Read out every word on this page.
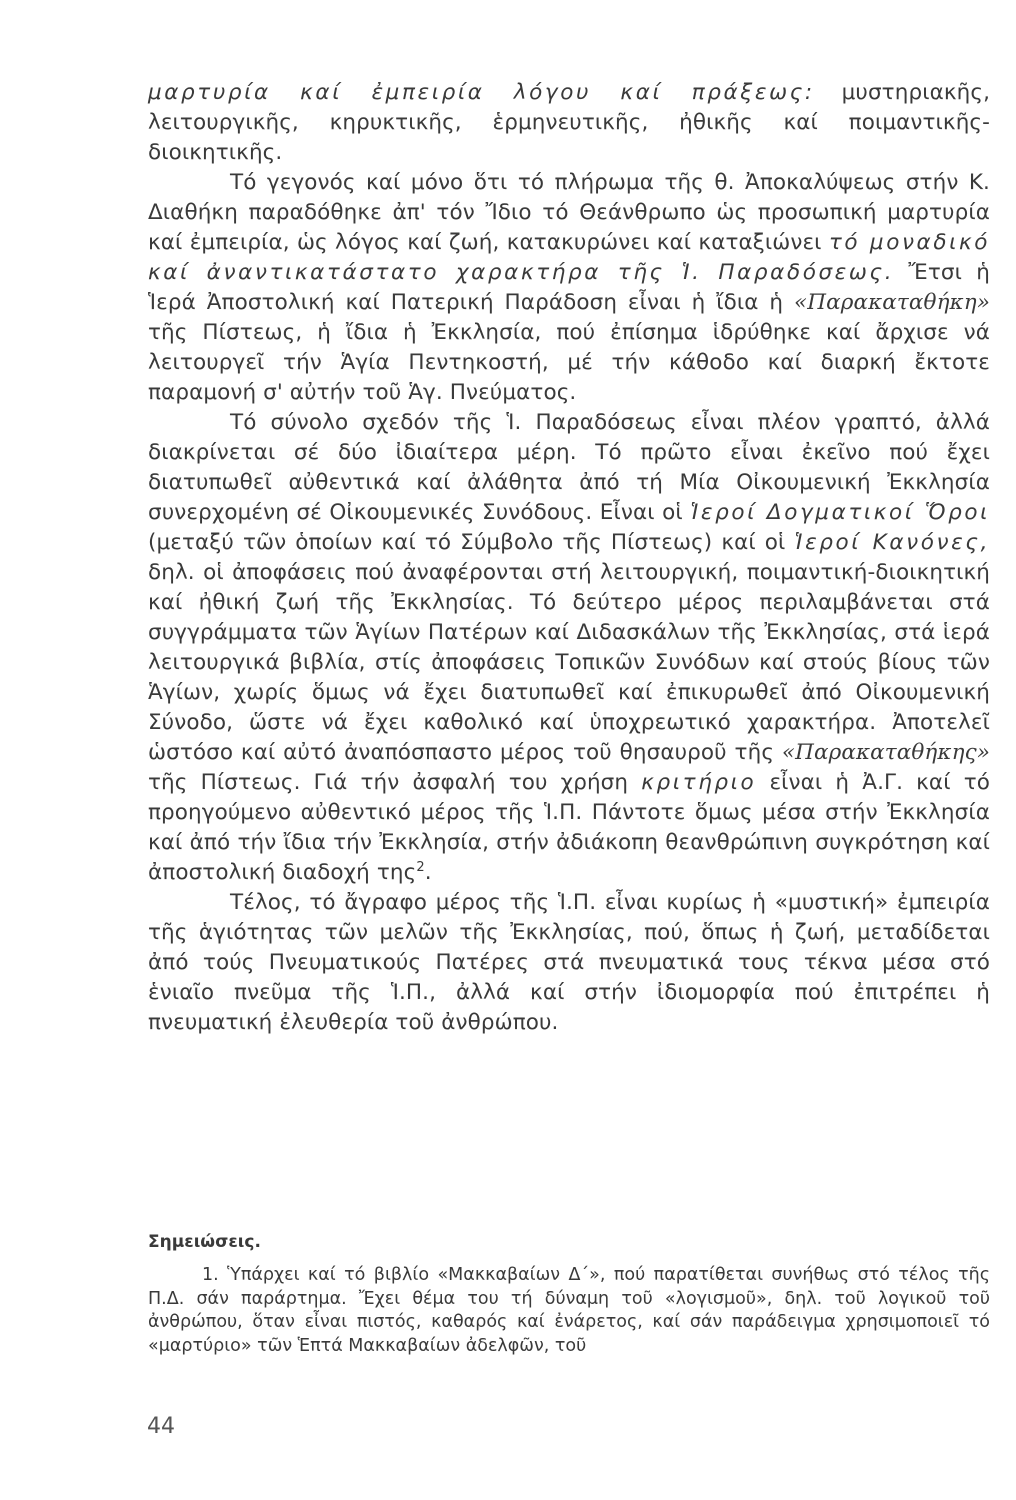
μαρτυρία καί ἐμπειρία λόγου καί πράξεως: μυστηριακῆς, λειτουργικῆς, κηρυκτικῆς, ἑρμηνευτικῆς, ἠθικῆς καί ποιμαντικῆς-διοικητικῆς.

Τό γεγονός καί μόνο ὅτι τό πλήρωμα τῆς θ. Ἀποκαλύψεως στήν Κ. Διαθήκη παραδόθηκε ἀπ' τόν Ἴδιο τό Θεάνθρωπο ὡς προσωπική μαρτυρία καί ἐμπειρία, ὡς λόγος καί ζωή, κατακυρώνει καί καταξιώνει τό μοναδικό καί ἀναντικατάστατο χαρακτήρα τῆς Ἱ. Παραδόσεως. Ἔτσι ἡ Ἱερά Ἀποστολική καί Πατερική Παράδοση εἶναι ἡ ἴδια ἡ «Παρακαταθήκη» τῆς Πίστεως, ἡ ἴδια ἡ Ἐκκλησία, πού ἐπίσημα ἱδρύθηκε καί ἄρχισε νά λειτουργεῖ τήν Ἁγία Πεντηκοστή, μέ τήν κάθοδο καί διαρκή ἔκτοτε παραμονή σ' αὐτήν τοῦ Ἁγ. Πνεύματος.

Τό σύνολο σχεδόν τῆς Ἱ. Παραδόσεως εἶναι πλέον γραπτό, ἀλλά διακρίνεται σέ δύο ἰδιαίτερα μέρη. Τό πρῶτο εἶναι ἐκεῖνο πού ἔχει διατυπωθεῖ αὐθεντικά καί ἀλάθητα ἀπό τή Μία Οἰκουμενική Ἐκκλησία συνερχομένη σέ Οἰκουμενικές Συνόδους. Εἶναι οἱ Ἱεροί Δογματικοί Ὅροι (μεταξύ τῶν ὁποίων καί τό Σύμβολο τῆς Πίστεως) καί οἱ Ἱεροί Κανόνες, δηλ. οἱ ἀποφάσεις πού ἀναφέρονται στή λειτουργική, ποιμαντική-διοικητική καί ἠθική ζωή τῆς Ἐκκλησίας. Τό δεύτερο μέρος περιλαμβάνεται στά συγγράμματα τῶν Ἁγίων Πατέρων καί Διδασκάλων τῆς Ἐκκλησίας, στά ἱερά λειτουργικά βιβλία, στίς ἀποφάσεις Τοπικῶν Συνόδων καί στούς βίους τῶν Ἁγίων, χωρίς ὅμως νά ἔχει διατυπωθεῖ καί ἐπικυρωθεῖ ἀπό Οἰκουμενική Σύνοδο, ὥστε νά ἔχει καθολικό καί ὑποχρεωτικό χαρακτήρα. Ἀποτελεῖ ὡστόσο καί αὐτό ἀναπόσπαστο μέρος τοῦ θησαυροῦ τῆς «Παρακαταθήκης» τῆς Πίστεως. Γιά τήν ἀσφαλή του χρήση κριτήριο εἶναι ἡ Ἀ.Γ. καί τό προηγούμενο αὐθεντικό μέρος τῆς Ἱ.Π. Πάντοτε ὅμως μέσα στήν Ἐκκλησία καί ἀπό τήν ἴδια τήν Ἐκκλησία, στήν ἀδιάκοπη θεανθρώπινη συγκρότηση καί ἀποστολική διαδοχή της$^2$.

Τέλος, τό ἄγραφο μέρος τῆς Ἱ.Π. εἶναι κυρίως ἡ «μυστική» ἐμπειρία τῆς ἁγιότητας τῶν μελῶν τῆς Ἐκκλησίας, πού, ὅπως ἡ ζωή, μεταδίδεται ἀπό τούς Πνευματικούς Πατέρες στά πνευματικά τους τέκνα μέσα στό ἑνιαῖο πνεῦμα τῆς Ἱ.Π., ἀλλά καί στήν ἰδιομορφία πού ἐπιτρέπει ἡ πνευματική ἐλευθερία τοῦ ἀνθρώπου.

Σημειώσεις.

1. Ὑπάρχει καί τό βιβλίο «Μακκαβαίων Δ΄», πού παρατίθεται συνήθως στό τέλος τῆς Π.Δ. σάν παράρτημα. Ἔχει θέμα του τή δύναμη τοῦ «λογισμοῦ», δηλ. τοῦ λογικοῦ τοῦ ἀνθρώπου, ὅταν εἶναι πιστός, καθαρός καί ἐνάρετος, καί σάν παράδειγμα χρησιμοποιεῖ τό «μαρτύριο» τῶν Ἑπτά Μακκαβαίων ἀδελφῶν, τοῦ

44
